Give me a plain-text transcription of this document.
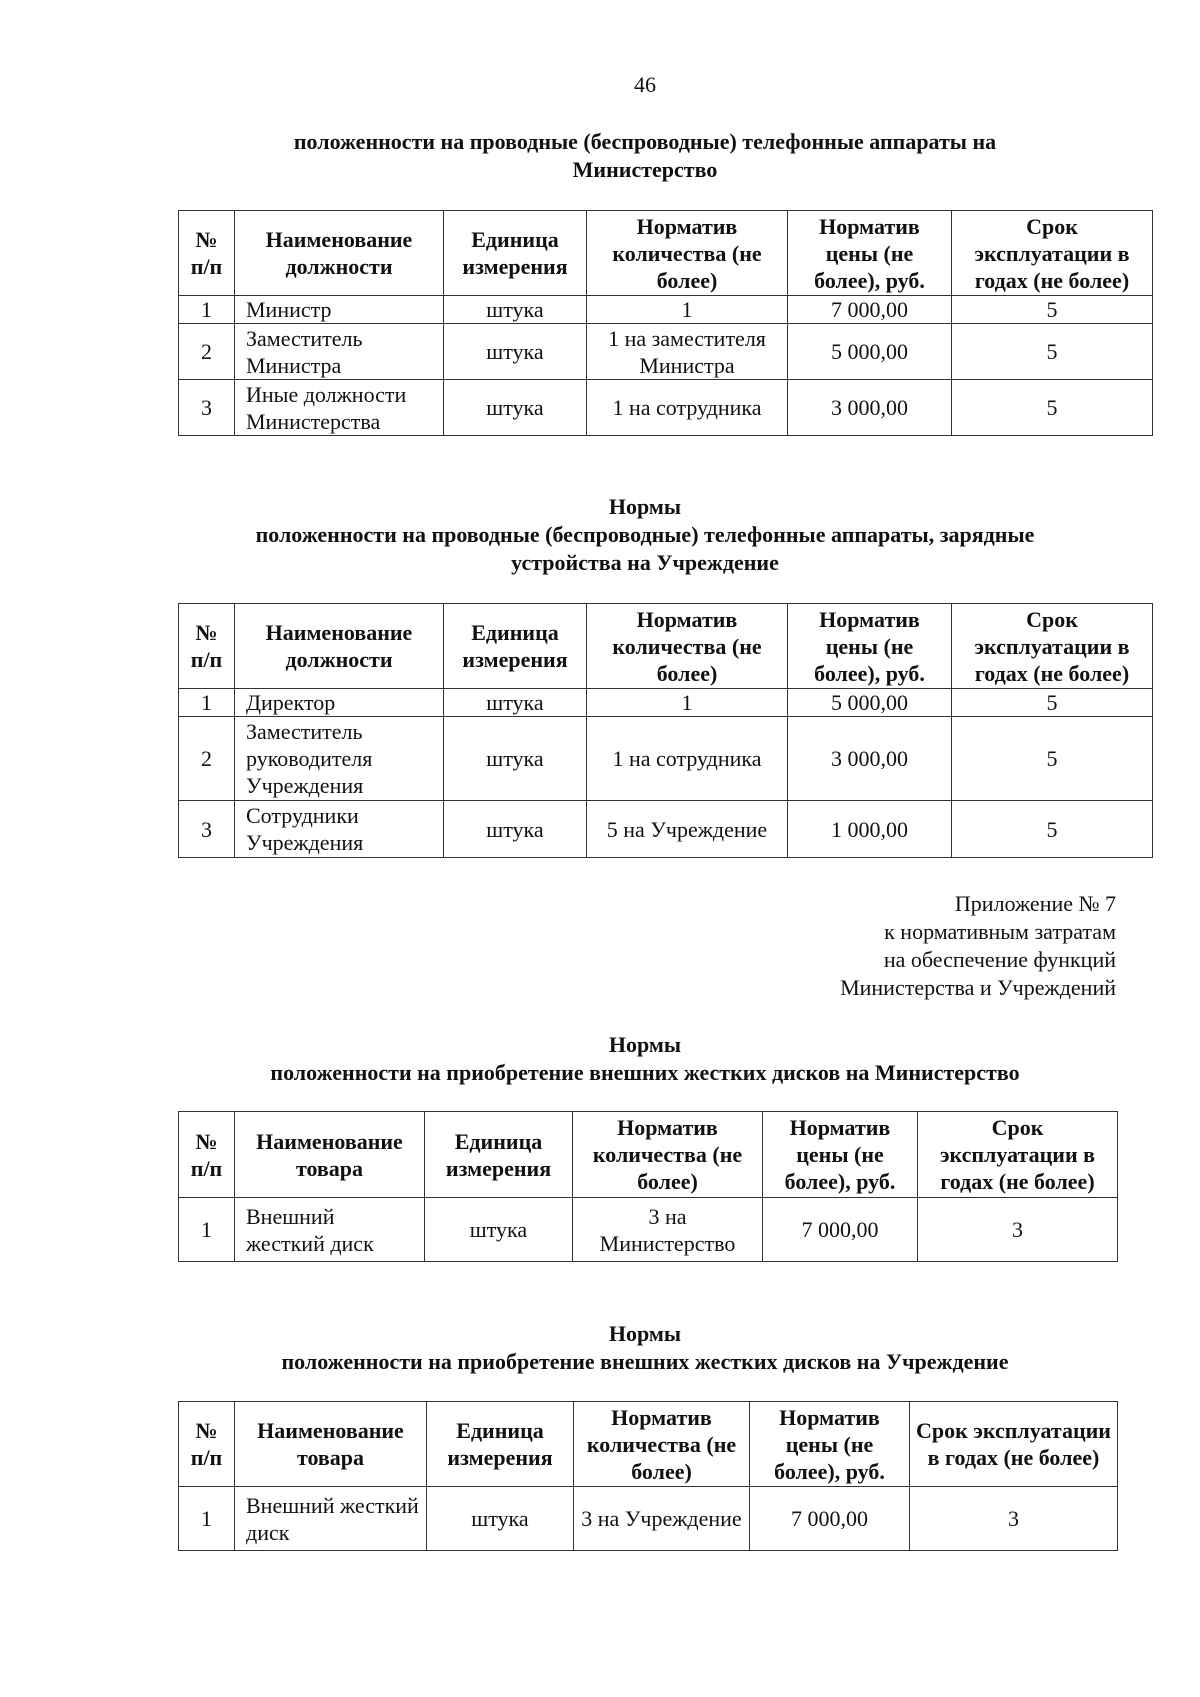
46
положенности на проводные (беспроводные) телефонные аппараты на
Министерство
№ п/п	Наименование должности	Единица измерения	Норматив количества (не более)	Норматив цены (не более), руб.	Срок эксплуатации в годах (не более)
1	Министр	штука	1	7 000,00	5
2	Заместитель Министра	штука	1 на заместителя Министра	5 000,00	5
3	Иные должности Министерства	штука	1 на сотрудника	3 000,00	5
Нормы
положенности на проводные (беспроводные) телефонные аппараты, зарядные
устройства на Учреждение
№ п/п	Наименование должности	Единица измерения	Норматив количества (не более)	Норматив цены (не более), руб.	Срок эксплуатации в годах (не более)
1	Директор	штука	1	5 000,00	5
2	Заместитель руководителя Учреждения	штука	1 на сотрудника	3 000,00	5
3	Сотрудники Учреждения	штука	5 на Учреждение	1 000,00	5
Приложение № 7
к нормативным затратам
на обеспечение функций
Министерства и Учреждений
Нормы
положенности на приобретение внешних жестких дисков на Министерство
№ п/п	Наименование товара	Единица измерения	Норматив количества (не более)	Норматив цены (не более), руб.	Срок эксплуатации в годах (не более)
1	Внешний жесткий диск	штука	3 на Министерство	7 000,00	3
Нормы
положенности на приобретение внешних жестких дисков на Учреждение
№ п/п	Наименование товара	Единица измерения	Норматив количества (не более)	Норматив цены (не более), руб.	Срок эксплуатации в годах (не более)
1	Внешний жесткий диск	штука	3 на Учреждение	7 000,00	3
